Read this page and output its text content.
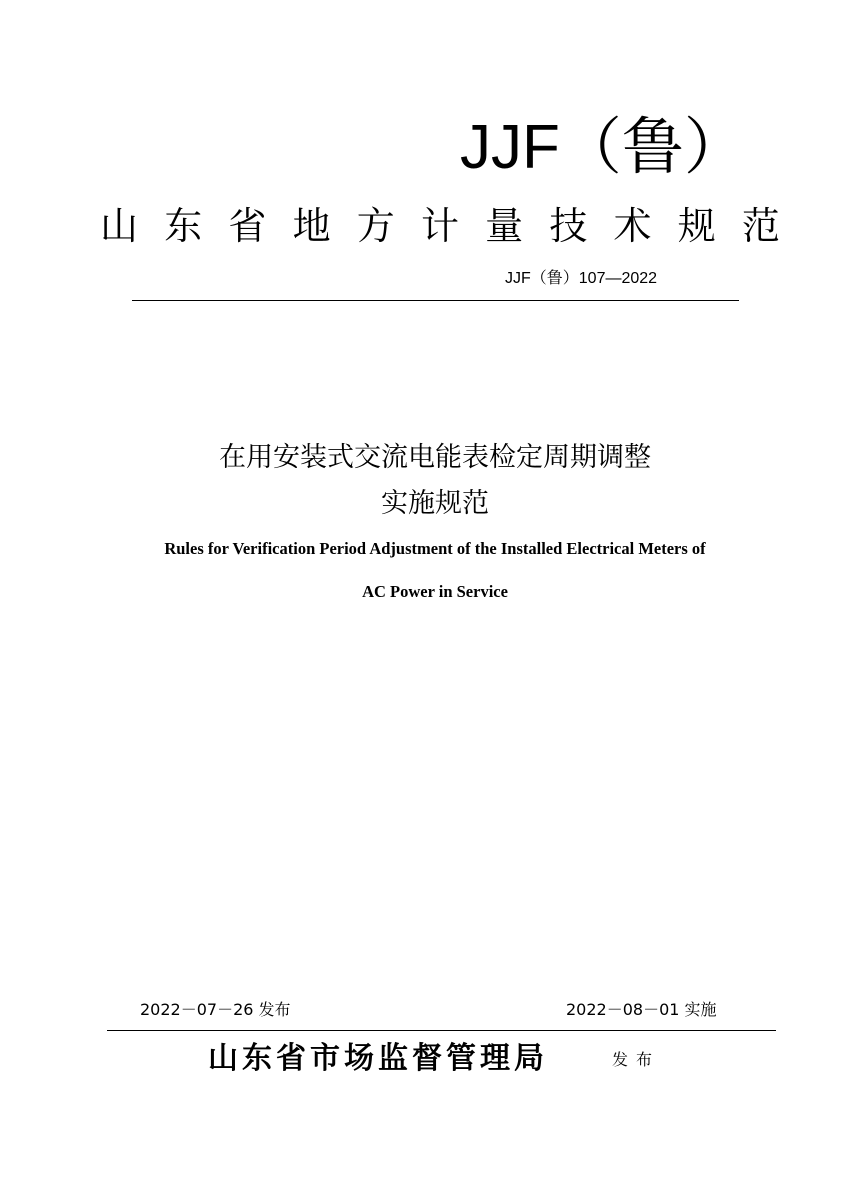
JJF（鲁）
山 东 省 地 方 计 量 技 术 规 范
JJF（鲁）107—2022
在用安装式交流电能表检定周期调整
实施规范
Rules for Verification Period Adjustment of the Installed Electrical Meters of
AC Power in Service
2022－07－26 发布	2022－08－01 实施
山东省市场监督管理局	发布
